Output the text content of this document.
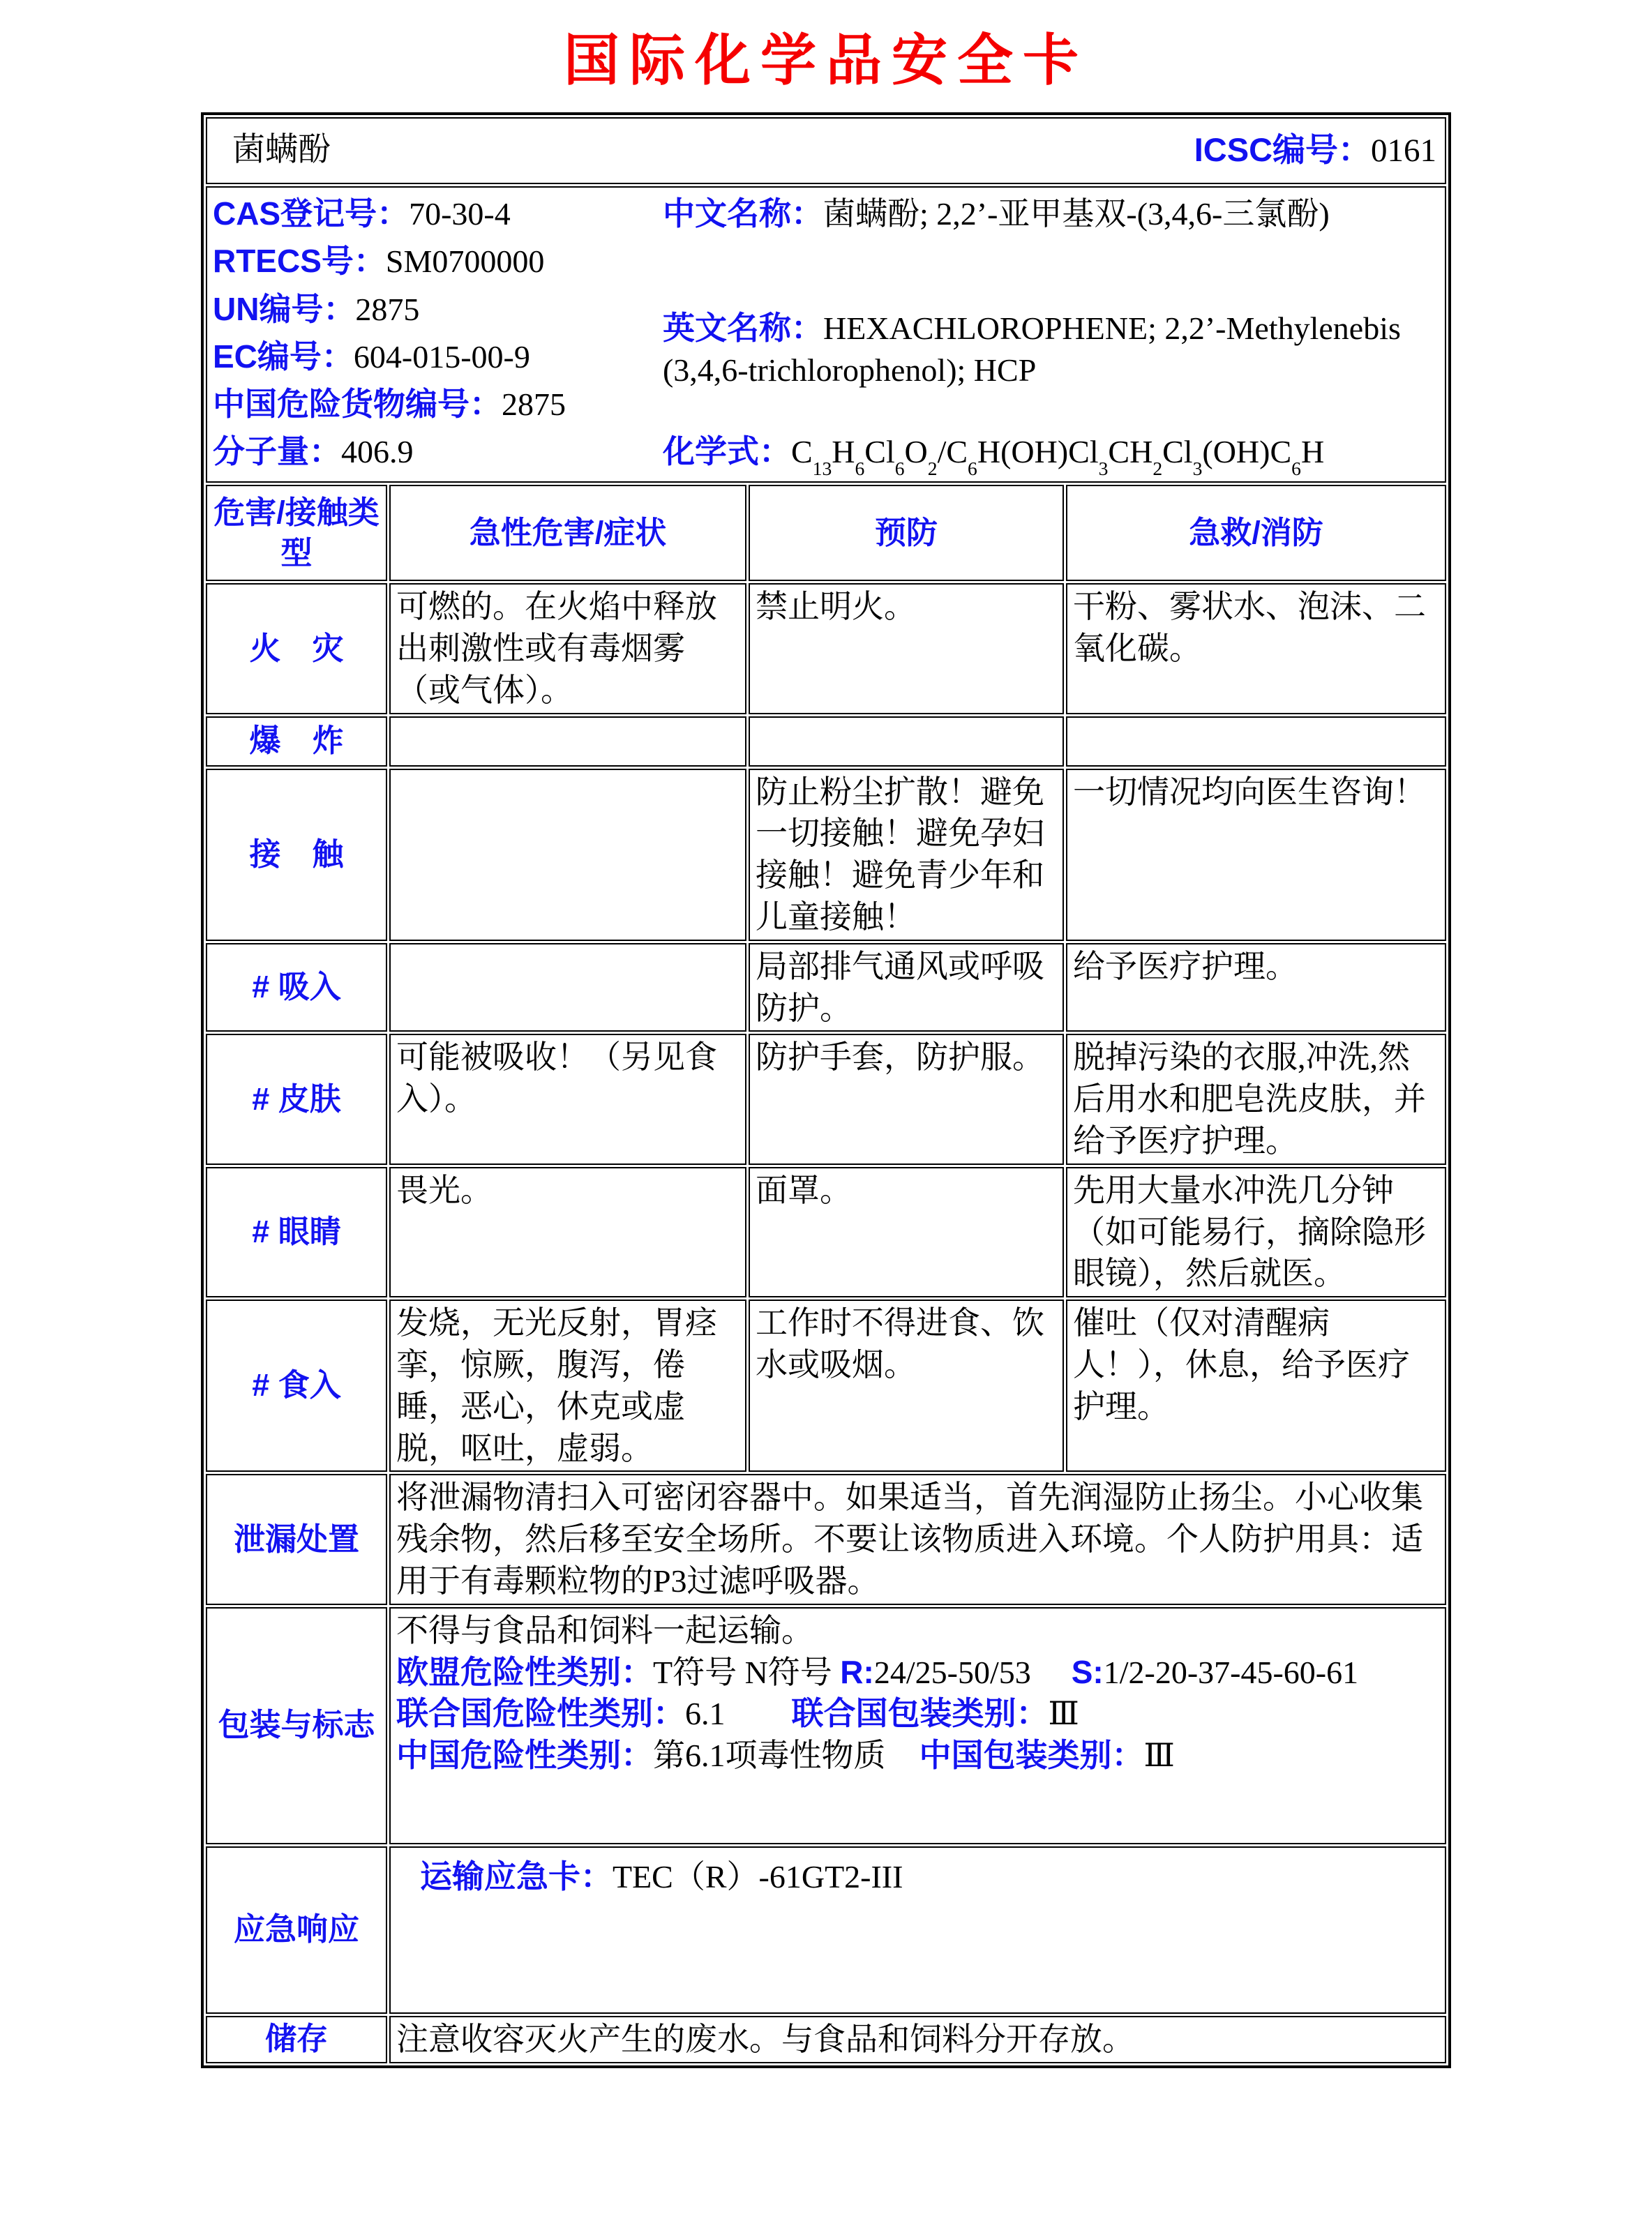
国际化学品安全卡
菌螨酚 ICSC编号：0161			

CAS登记号：70-30-4
RTECS号：SM0700000
UN编号：2875
EC编号：604-015-00-9
中国危险货物编号：2875
分子量：406.9
中文名称：菌螨酚; 2,2’-亚甲基双-(3,4,6-三氯酚)
英文名称：HEXACHLOROPHENE; 2,2’-Methylenebis (3,4,6-trichlorophenol); HCP
化学式：$C_{13}H_6Cl_6O_2/C_6H(OH)Cl_3CH_2Cl_3(OH)C_6H$

危害/接触类型	急性危害/症状	预防	急救/消防
火　灾	可燃的。在火焰中释放出刺激性或有毒烟雾（或气体）。	禁止明火。	干粉、雾状水、泡沫、二氧化碳。
爆　炸			
接　触		防止粉尘扩散！避免一切接触！避免孕妇接触！避免青少年和儿童接触！	一切情况均向医生咨询！
# 吸入		局部排气通风或呼吸防护。	给予医疗护理。
# 皮肤	可能被吸收！（另见食入）。	防护手套，防护服。	脱掉污染的衣服,冲洗,然后用水和肥皂洗皮肤，并给予医疗护理。
# 眼睛	畏光。	面罩。	先用大量水冲洗几分钟（如可能易行，摘除隐形眼镜），然后就医。
# 食入	发烧，无光反射，胃痉挛，惊厥，腹泻，倦睡，恶心，休克或虚脱，呕吐，虚弱。	工作时不得进食、饮水或吸烟。	催吐（仅对清醒病人！），休息，给予医疗护理。
泄漏处置	将泄漏物清扫入可密闭容器中。如果适当，首先润湿防止扬尘。小心收集残余物，然后移至安全场所。不要让该物质进入环境。个人防护用具：适用于有毒颗粒物的P3过滤呼吸器。		
包装与标志	不得与食品和饲料一起运输。
欧盟危险性类别：T符号 N符号 R:24/25-50/53 S:1/2-20-37-45-60-61
联合国危险性类别：6.1 联合国包装类别：Ⅲ
中国危险性类别：第6.1项毒性物质 中国包装类别：Ⅲ		

应急响应	运输应急卡：TEC（R）-61GT2-III		

储存	注意收容灭火产生的废水。与食品和饲料分开存放。		
